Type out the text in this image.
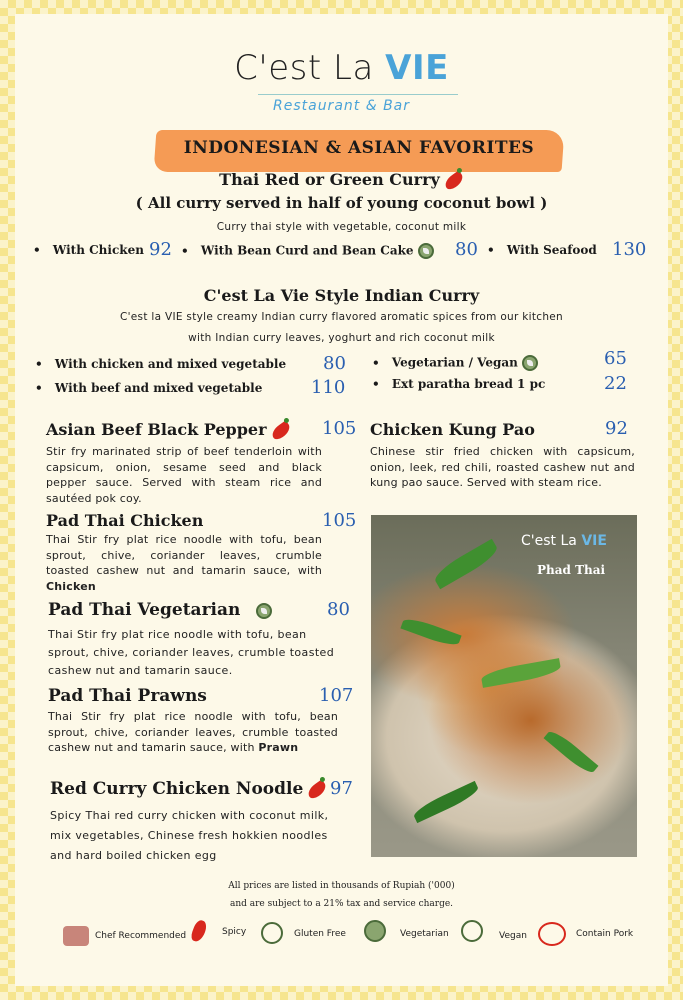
C'est La VIE
Restaurant & Bar
INDONESIAN & ASIAN FAVORITES
Thai Red or Green Curry
( All curry served in half of young coconut bowl )
Curry thai style with vegetable, coconut milk
• With Chicken 92	• With Bean Curd and Bean Cake	80	• With Seafood 130
C'est La Vie Style Indian Curry
C'est la VIE style creamy Indian curry flavored aromatic spices from our kitchen
with Indian curry leaves, yoghurt and rich coconut milk
• With chicken and mixed vegetable 80
• With beef and mixed vegetable	110
• Vegetarian / Vegan	65
• Ext paratha bread 1 pc	22
Asian Beef Black Pepper	105
Stir fry marinated strip of beef tenderloin with capsicum, onion, sesame seed and black pepper sauce. Served with steam rice and sautéed pok coy.
Chicken Kung Pao	92
Chinese stir fried chicken with capsicum, onion, leek, red chili, roasted cashew nut and kung pao sauce. Served with steam rice.
Pad Thai Chicken	105
Thai Stir fry plat rice noodle with tofu, bean sprout, chive, coriander leaves, crumble toasted cashew nut and tamarin sauce, with Chicken
Pad Thai Vegetarian	80
Thai Stir fry plat rice noodle with tofu, bean sprout, chive, coriander leaves, crumble toasted cashew nut and tamarin sauce.
Pad Thai Prawns	107
Thai Stir fry plat rice noodle with tofu, bean sprout, chive, coriander leaves, crumble toasted cashew nut and tamarin sauce, with Prawn
Red Curry Chicken Noodle	97
Spicy Thai red curry chicken with coconut milk, mix vegetables, Chinese fresh hokkien noodles and hard boiled chicken egg
C'est La VIE
Phad Thai
All prices are listed in thousands of Rupiah ('000)
and are subject to a 21% tax and service charge.
Chef Recommended	Spicy	Gluten Free	Vegetarian	Vegan	Contain Pork
